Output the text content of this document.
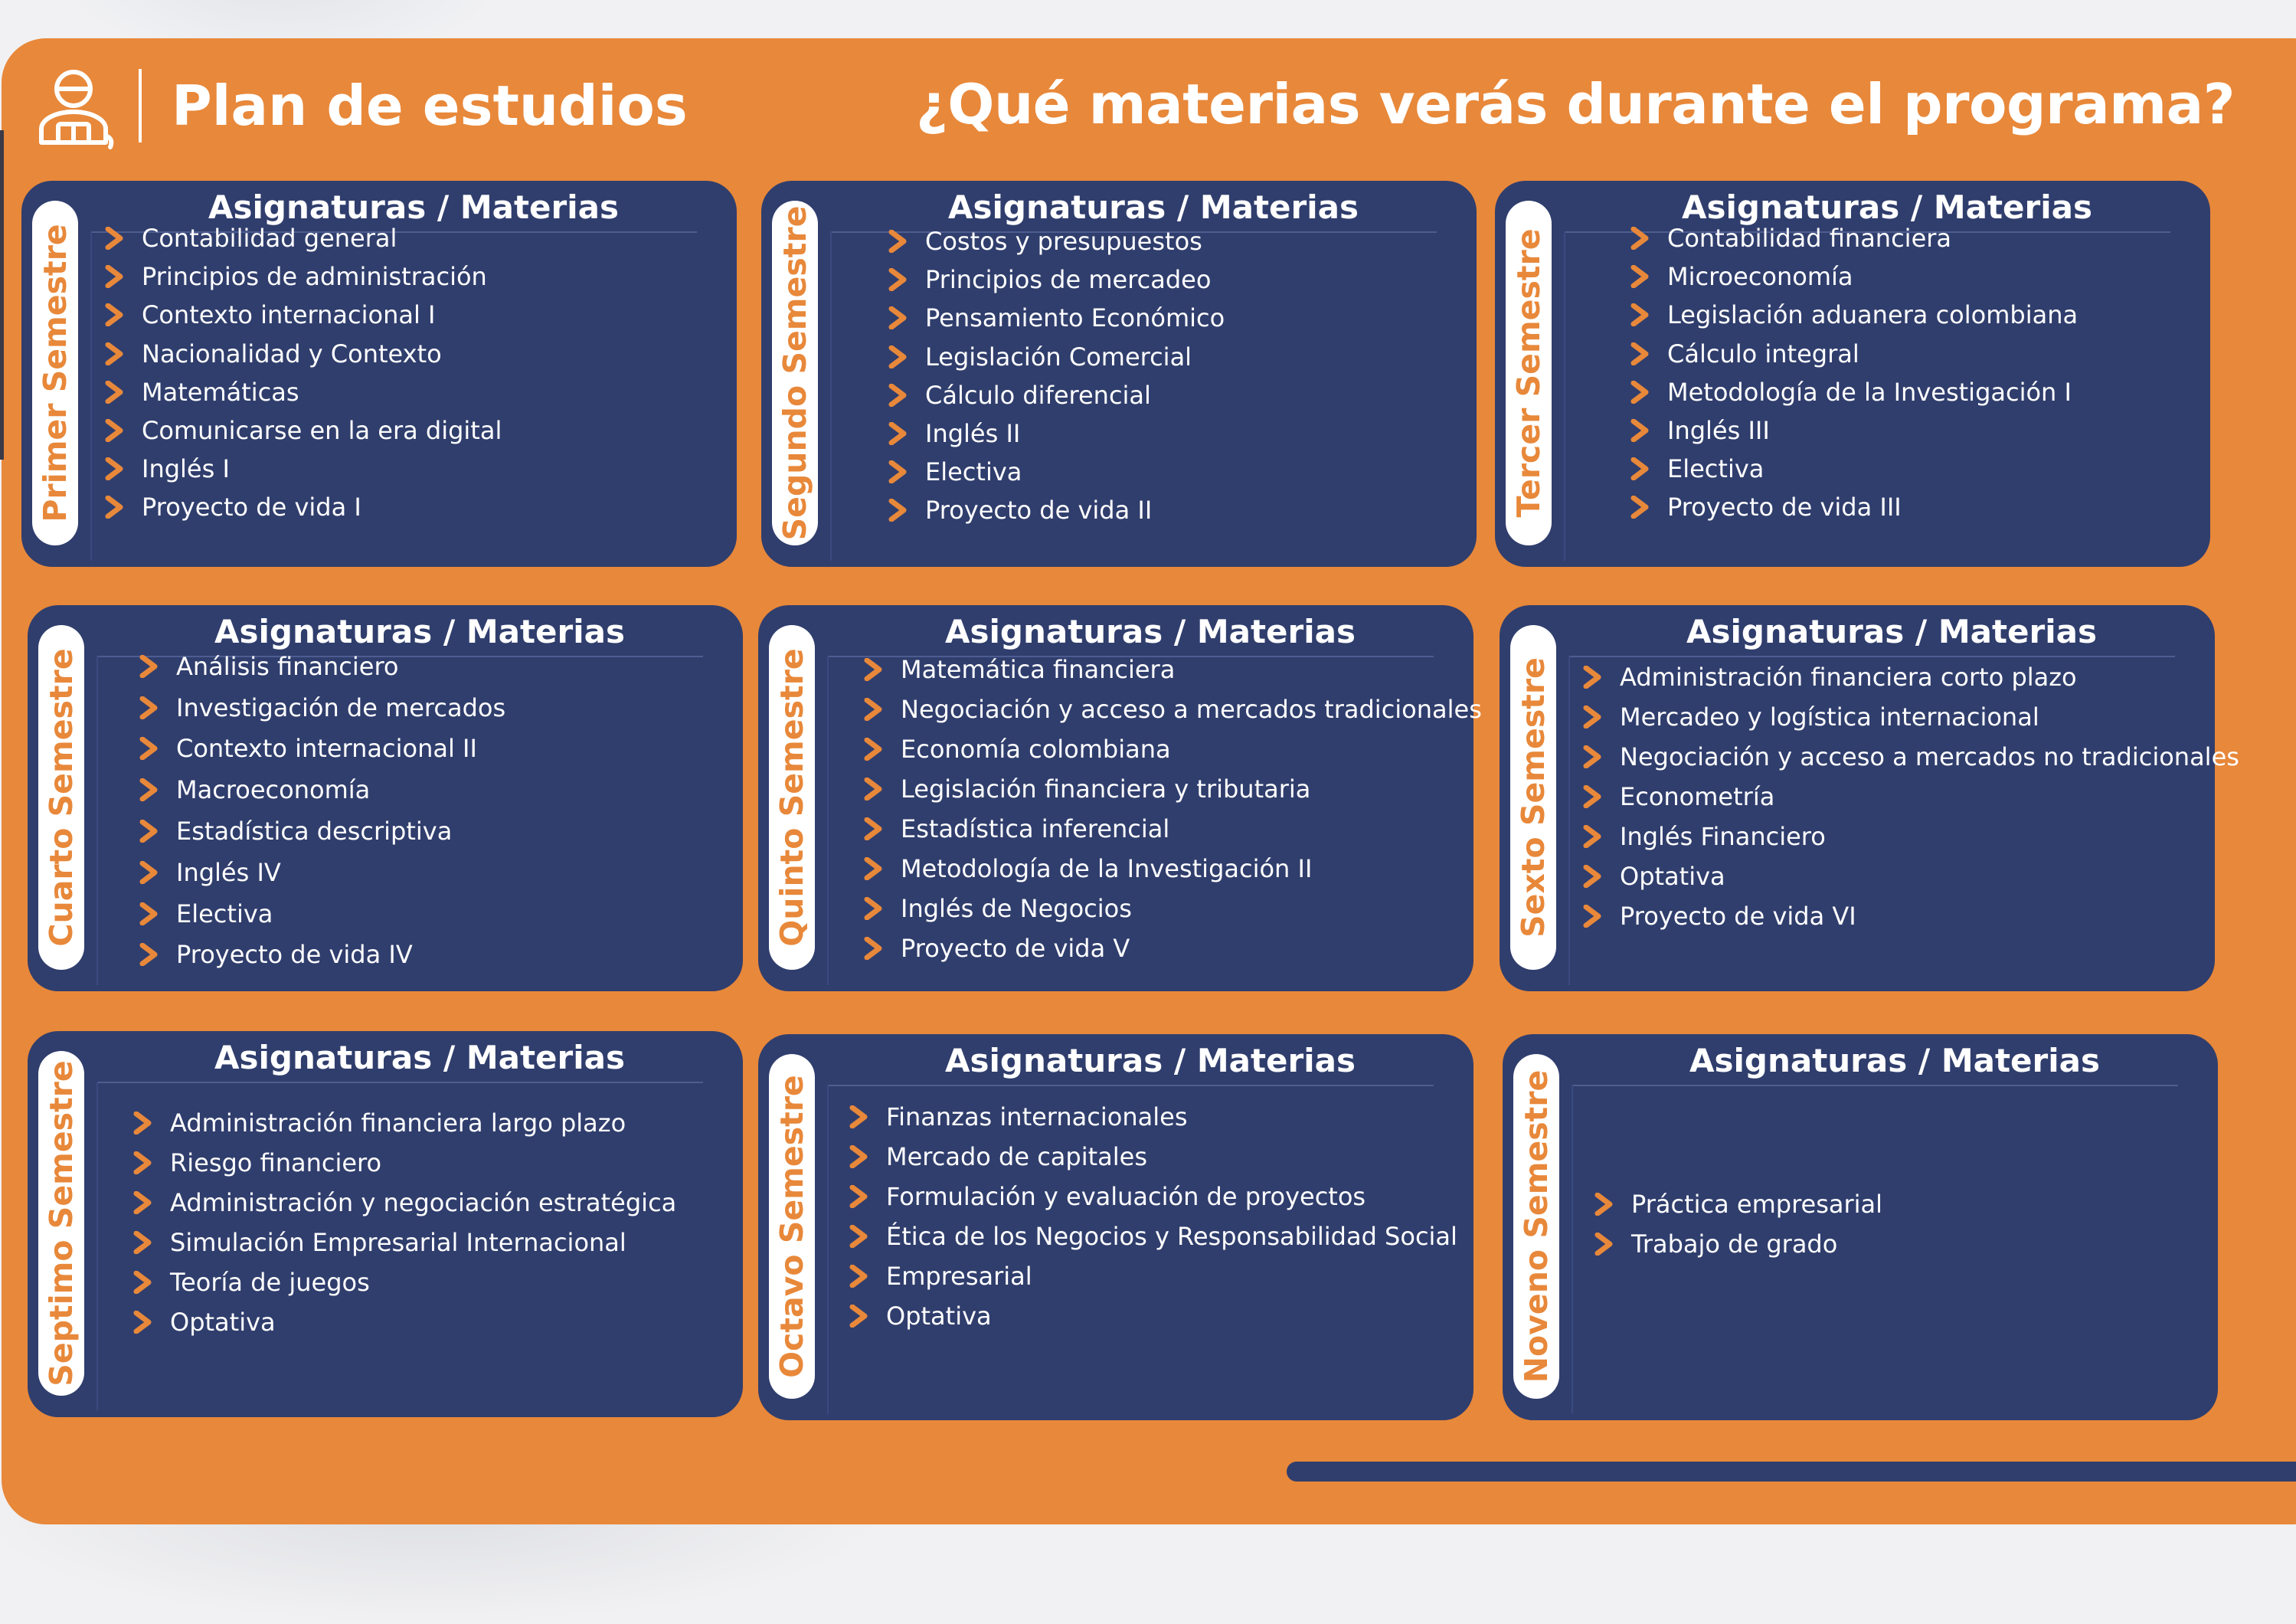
Plan de estudios	¿Qué materias verás durante el programa?
Primer Semestre
Asignaturas / Materias
Contabilidad general
Principios de administración
Contexto internacional I
Nacionalidad y Contexto
Matemáticas
Comunicarse en la era digital
Inglés I
Proyecto de vida I	Segundo Semestre	Asignaturas / Materias
Costos y presupuestos
Principios de mercadeo
Pensamiento Económico
Legislación Comercial
Cálculo diferencial
Inglés II
Electiva
Proyecto de vida II	Tercer Semestre
Asignaturas / Materias
Contabilidad financiera
Microeconomía
Legislación aduanera colombiana
Cálculo integral
Metodología de la Investigación I
Inglés III
Electiva
Proyecto de vida III
Cuarto Semestre
Asignaturas / Materias
Análisis financiero
Investigación de mercados
Contexto internacional II
Macroeconomía
Estadística descriptiva
Inglés IV
Electiva
Proyecto de vida IV
Quinto Semestre
Asignaturas / Materias
Matemática financiera
Negociación y acceso a mercados tradicionales
Economía colombiana
Legislación financiera y tributaria
Estadística inferencial
Metodología de la Investigación II
Inglés de Negocios
Proyecto de vida V
Sexto Semestre
Asignaturas / Materias
Administración financiera corto plazo
Mercadeo y logística internacional
Negociación y acceso a mercados no tradicionales
Econometría
Inglés Financiero
Optativa
Proyecto de vida VI
Septimo Semestre
Asignaturas / Materias
Administración financiera largo plazo
Riesgo financiero
Administración y negociación estratégica
Simulación Empresarial Internacional
Teoría de juegos
Optativa	Octavo Semestre
Asignaturas / Materias
Finanzas internacionales
Mercado de capitales
Formulación y evaluación de proyectos
Ética de los Negocios y Responsabilidad Social
Empresarial
Optativa	Noveno Semestre
Asignaturas / Materias
Práctica empresarial
Trabajo de grado
